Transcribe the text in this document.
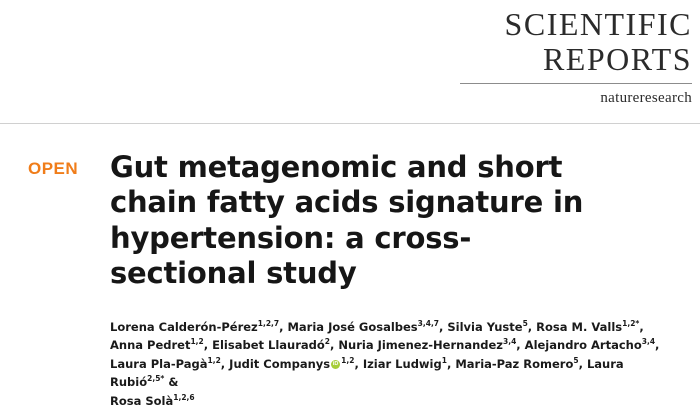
SCIENTIFIC
REPORTS
natureresearch
OPEN Gut metagenomic and short chain fatty acids signature in hypertension: a cross-sectional study
Lorena Calderón-Pérez$^{1,2,7}$, Maria José Gosalbes$^{3,4,7}$, Silvia Yuste$^5$, Rosa M. Valls$^{1,2*}$,
Anna Pedret$^{1,2}$, Elisabet Llauradó$^2$, Nuria Jimenez-Hernandez$^{3,4}$, Alejandro Artacho$^{3,4}$,
Laura Pla-Pagà$^{1,2}$, Judit Companys iD $^{1,2}$, Iziar Ludwig$^1$, Maria-Paz Romero$^5$, Laura Rubió$^{2,5*}$ &
Rosa Solà$^{1,2,6}$
